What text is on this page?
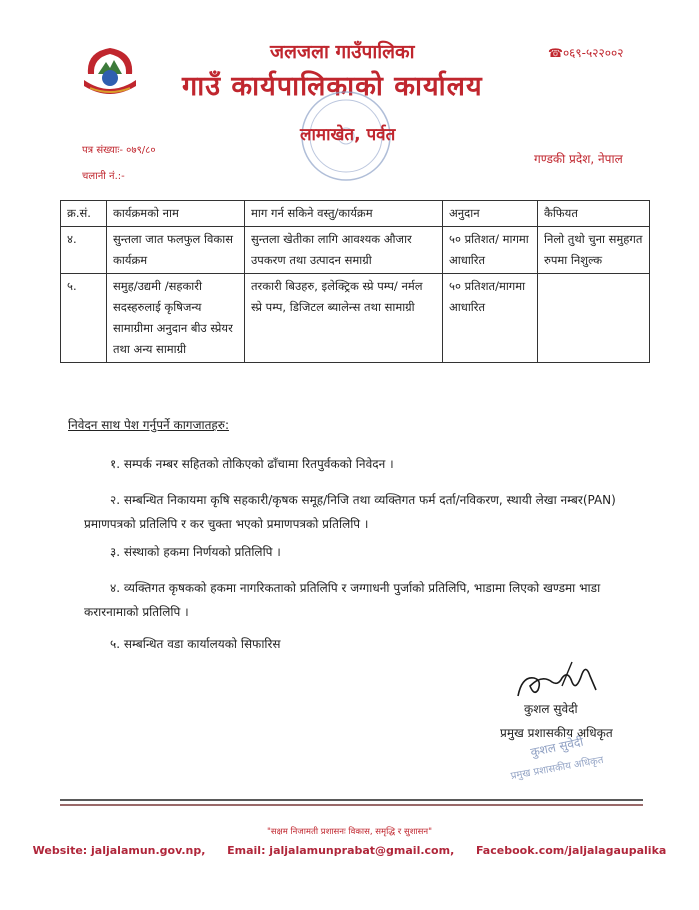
जलजला गाउँपालिका
गाउँ कार्यपालिकाको कार्यालय
☎०६९-५२२००२
लामाखेत, पर्वत
गण्डकी प्रदेश, नेपाल
पत्र संख्याः- ०७९/८०
चलानी नं.:-
क्र.सं.	कार्यक्रमको नाम	माग गर्न सकिने वस्तु/कार्यक्रम	अनुदान	कैफियत
४.	सुन्तला जात फलफुल विकास कार्यक्रम	सुन्तला खेतीका लागि आवश्यक औजार उपकरण तथा उत्पादन समाग्री	५० प्रतिशत/ मागमा आधारित	निलो तुथो चुना समुहगत रुपमा निशुल्क
५.	समुह/उद्यमी /सहकारी सदस्हरुलाई कृषिजन्य सामाग्रीमा अनुदान बीउ स्प्रेयर तथा अन्य सामाग्री	तरकारी बिउहरु, इलेक्ट्रिक स्प्रे पम्प/ नर्मल स्प्रे पम्प, डिजिटल ब्यालेन्स तथा सामाग्री	५० प्रतिशत/मागमा आधारित	
निवेदन साथ पेश गर्नुपर्ने कागजातहरु:
१. सम्पर्क नम्बर सहितको तोकिएको ढाँचामा रितपुर्वकको निवेदन ।
२. सम्बन्धित निकायमा कृषि सहकारी/कृषक समूह/निजि तथा व्यक्तिगत फर्म दर्ता/नविकरण, स्थायी लेखा नम्बर(PAN) प्रमाणपत्रको प्रतिलिपि र कर चुक्ता भएको प्रमाणपत्रको प्रतिलिपि ।
३. संस्थाको हकमा निर्णयको प्रतिलिपि ।
४. व्यक्तिगत कृषकको हकमा नागरिकताको प्रतिलिपि र जग्गाधनी पुर्जाको प्रतिलिपि, भाडामा लिएको खण्डमा भाडा करारनामाको प्रतिलिपि ।
५. सम्बन्धित वडा कार्यालयको सिफारिस
कुशल सुवेदी
प्रमुख प्रशासकीय अधिकृत
कुशल सुवेदी
प्रमुख प्रशासकीय अधिकृत
"सक्षम निजामती प्रशासनः विकास, समृद्धि र सुशासन"
Website: jaljalamun.gov.np, Email: jaljalamunprabat@gmail.com, Facebook.com/jaljalagaupalika
